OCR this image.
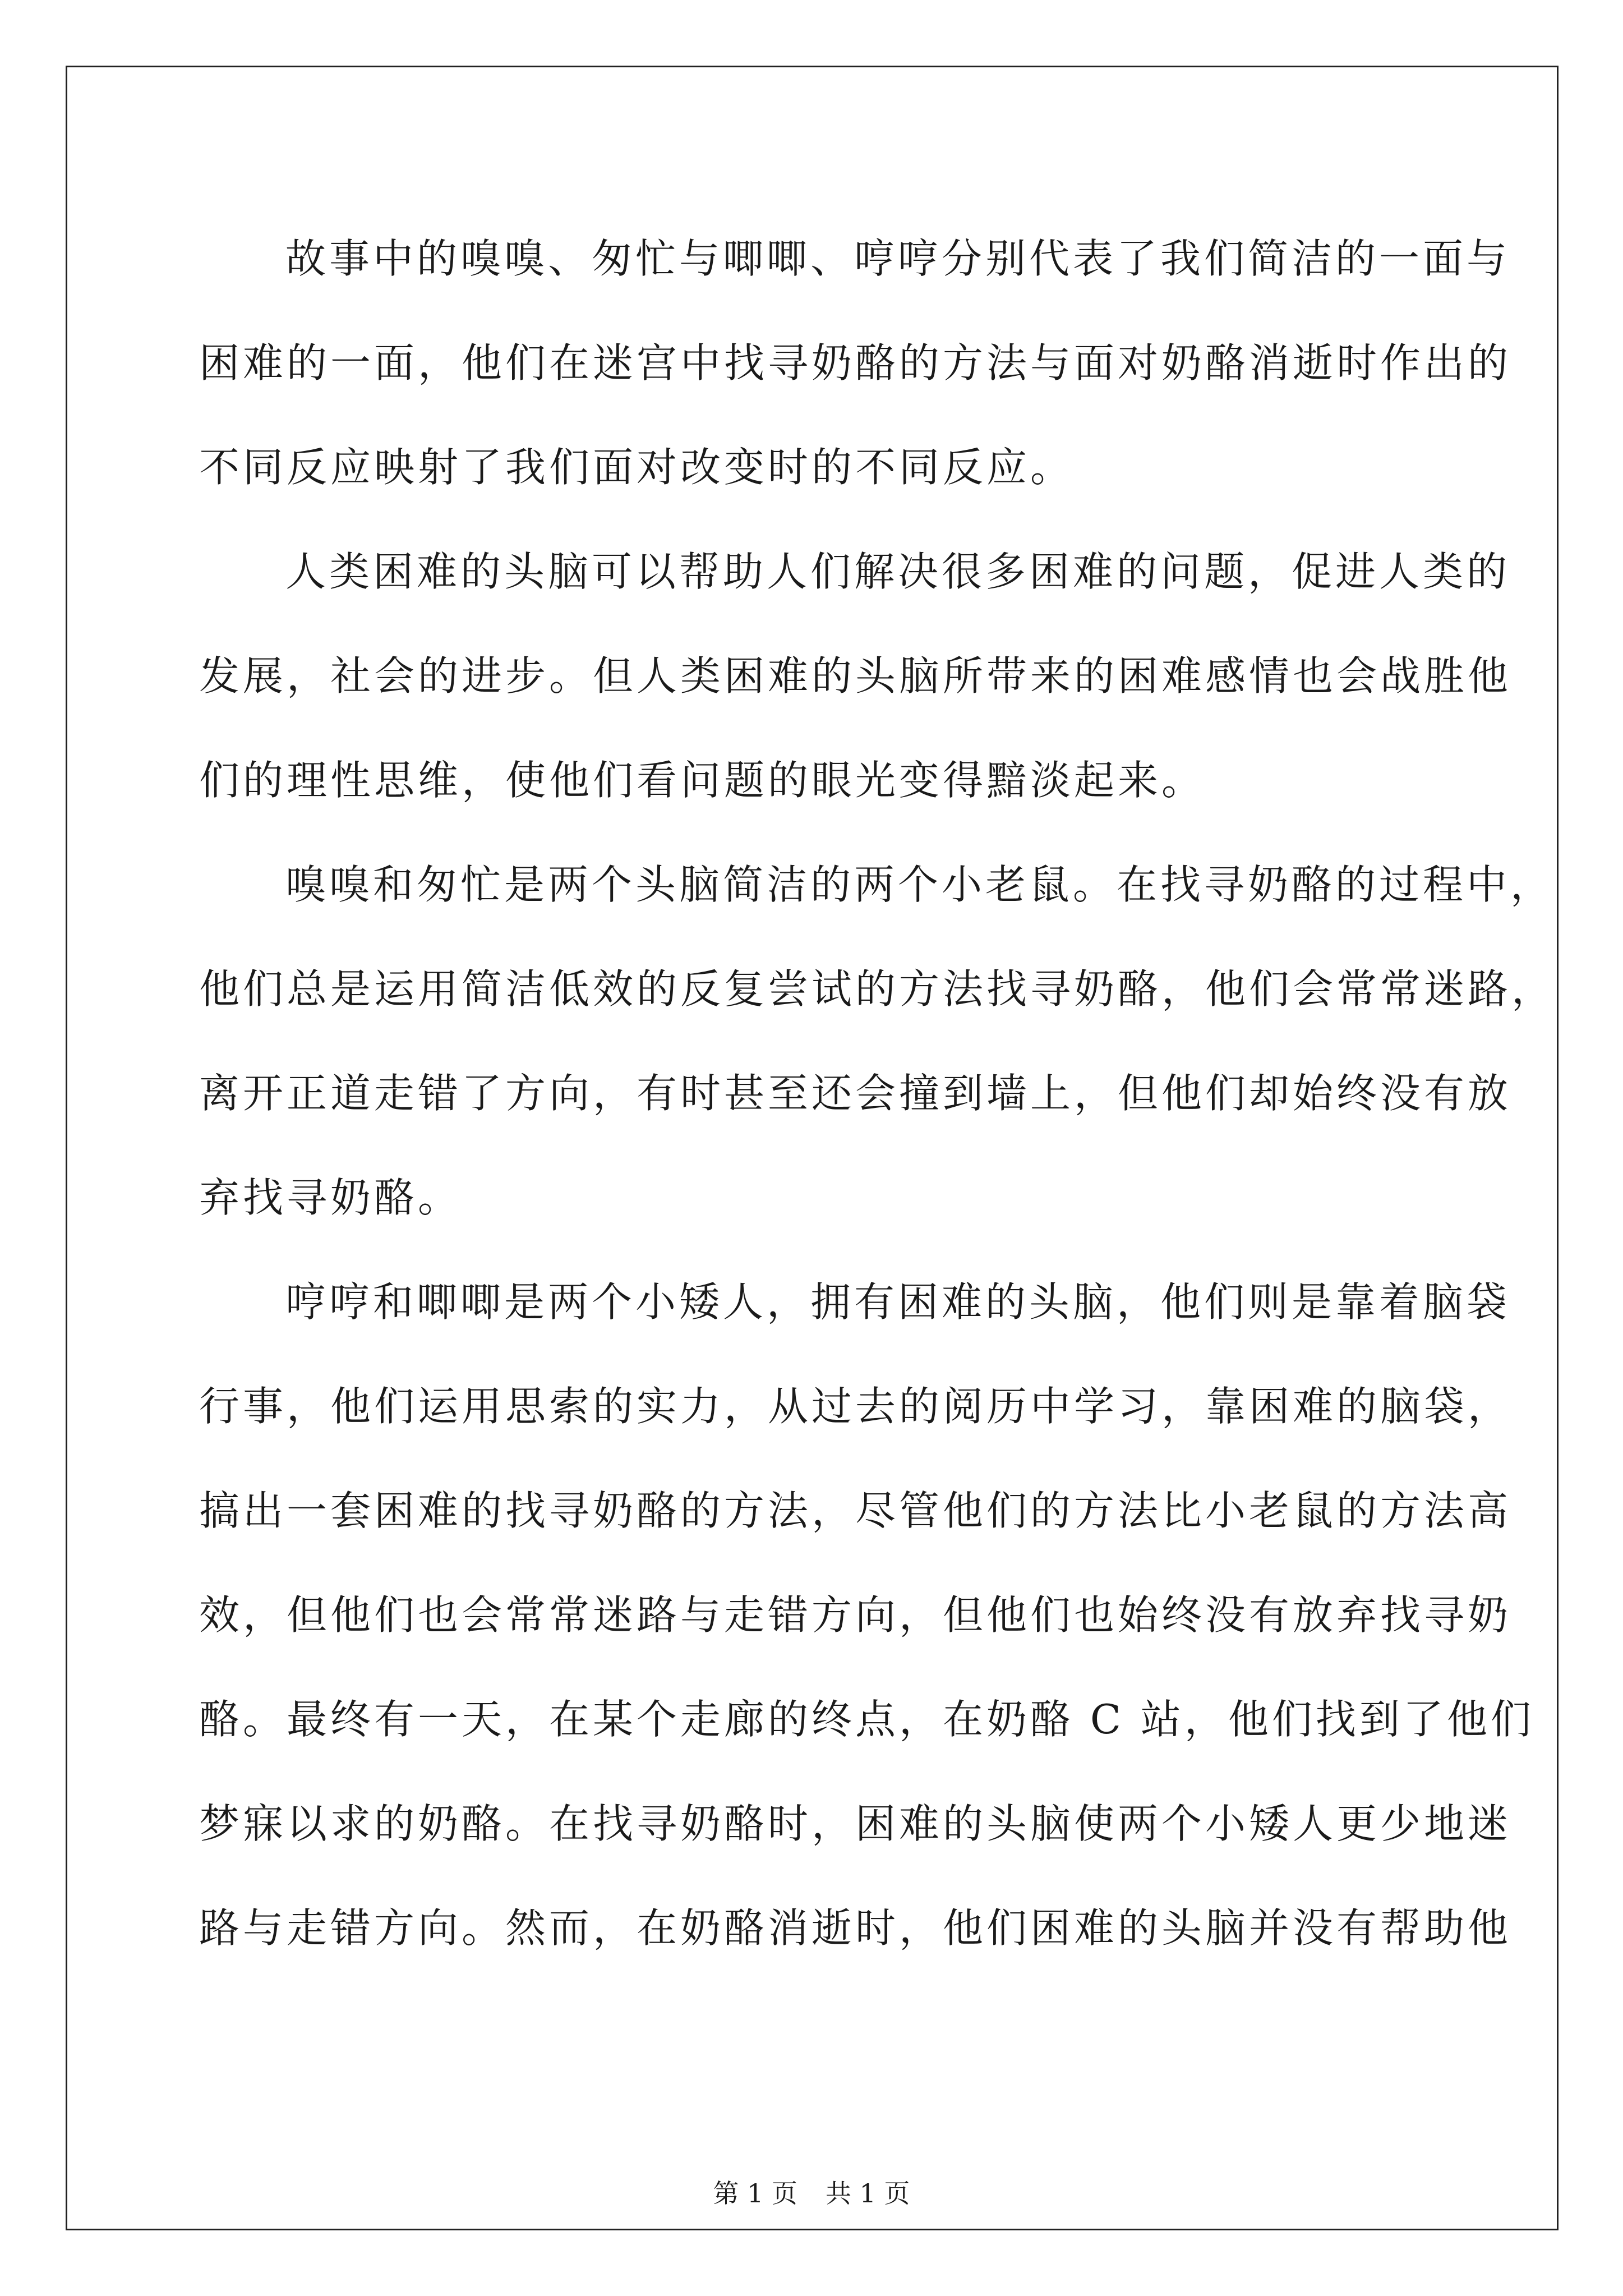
故事中的嗅嗅、匆忙与唧唧、哼哼分别代表了我们简洁的一面与
困难的一面，他们在迷宫中找寻奶酪的方法与面对奶酪消逝时作出的
不同反应映射了我们面对改变时的不同反应。
人类困难的头脑可以帮助人们解决很多困难的问题，促进人类的
发展，社会的进步。但人类困难的头脑所带来的困难感情也会战胜他
们的理性思维，使他们看问题的眼光变得黯淡起来。
嗅嗅和匆忙是两个头脑简洁的两个小老鼠。在找寻奶酪的过程中，
他们总是运用简洁低效的反复尝试的方法找寻奶酪，他们会常常迷路，
离开正道走错了方向，有时甚至还会撞到墙上，但他们却始终没有放
弃找寻奶酪。
哼哼和唧唧是两个小矮人，拥有困难的头脑，他们则是靠着脑袋
行事，他们运用思索的实力，从过去的阅历中学习，靠困难的脑袋，
搞出一套困难的找寻奶酪的方法，尽管他们的方法比小老鼠的方法高
效，但他们也会常常迷路与走错方向，但他们也始终没有放弃找寻奶
酪。最终有一天，在某个走廊的终点，在奶酪 C 站，他们找到了他们
梦寐以求的奶酪。在找寻奶酪时，困难的头脑使两个小矮人更少地迷
路与走错方向。然而，在奶酪消逝时，他们困难的头脑并没有帮助他
第 1 页 共 1 页
